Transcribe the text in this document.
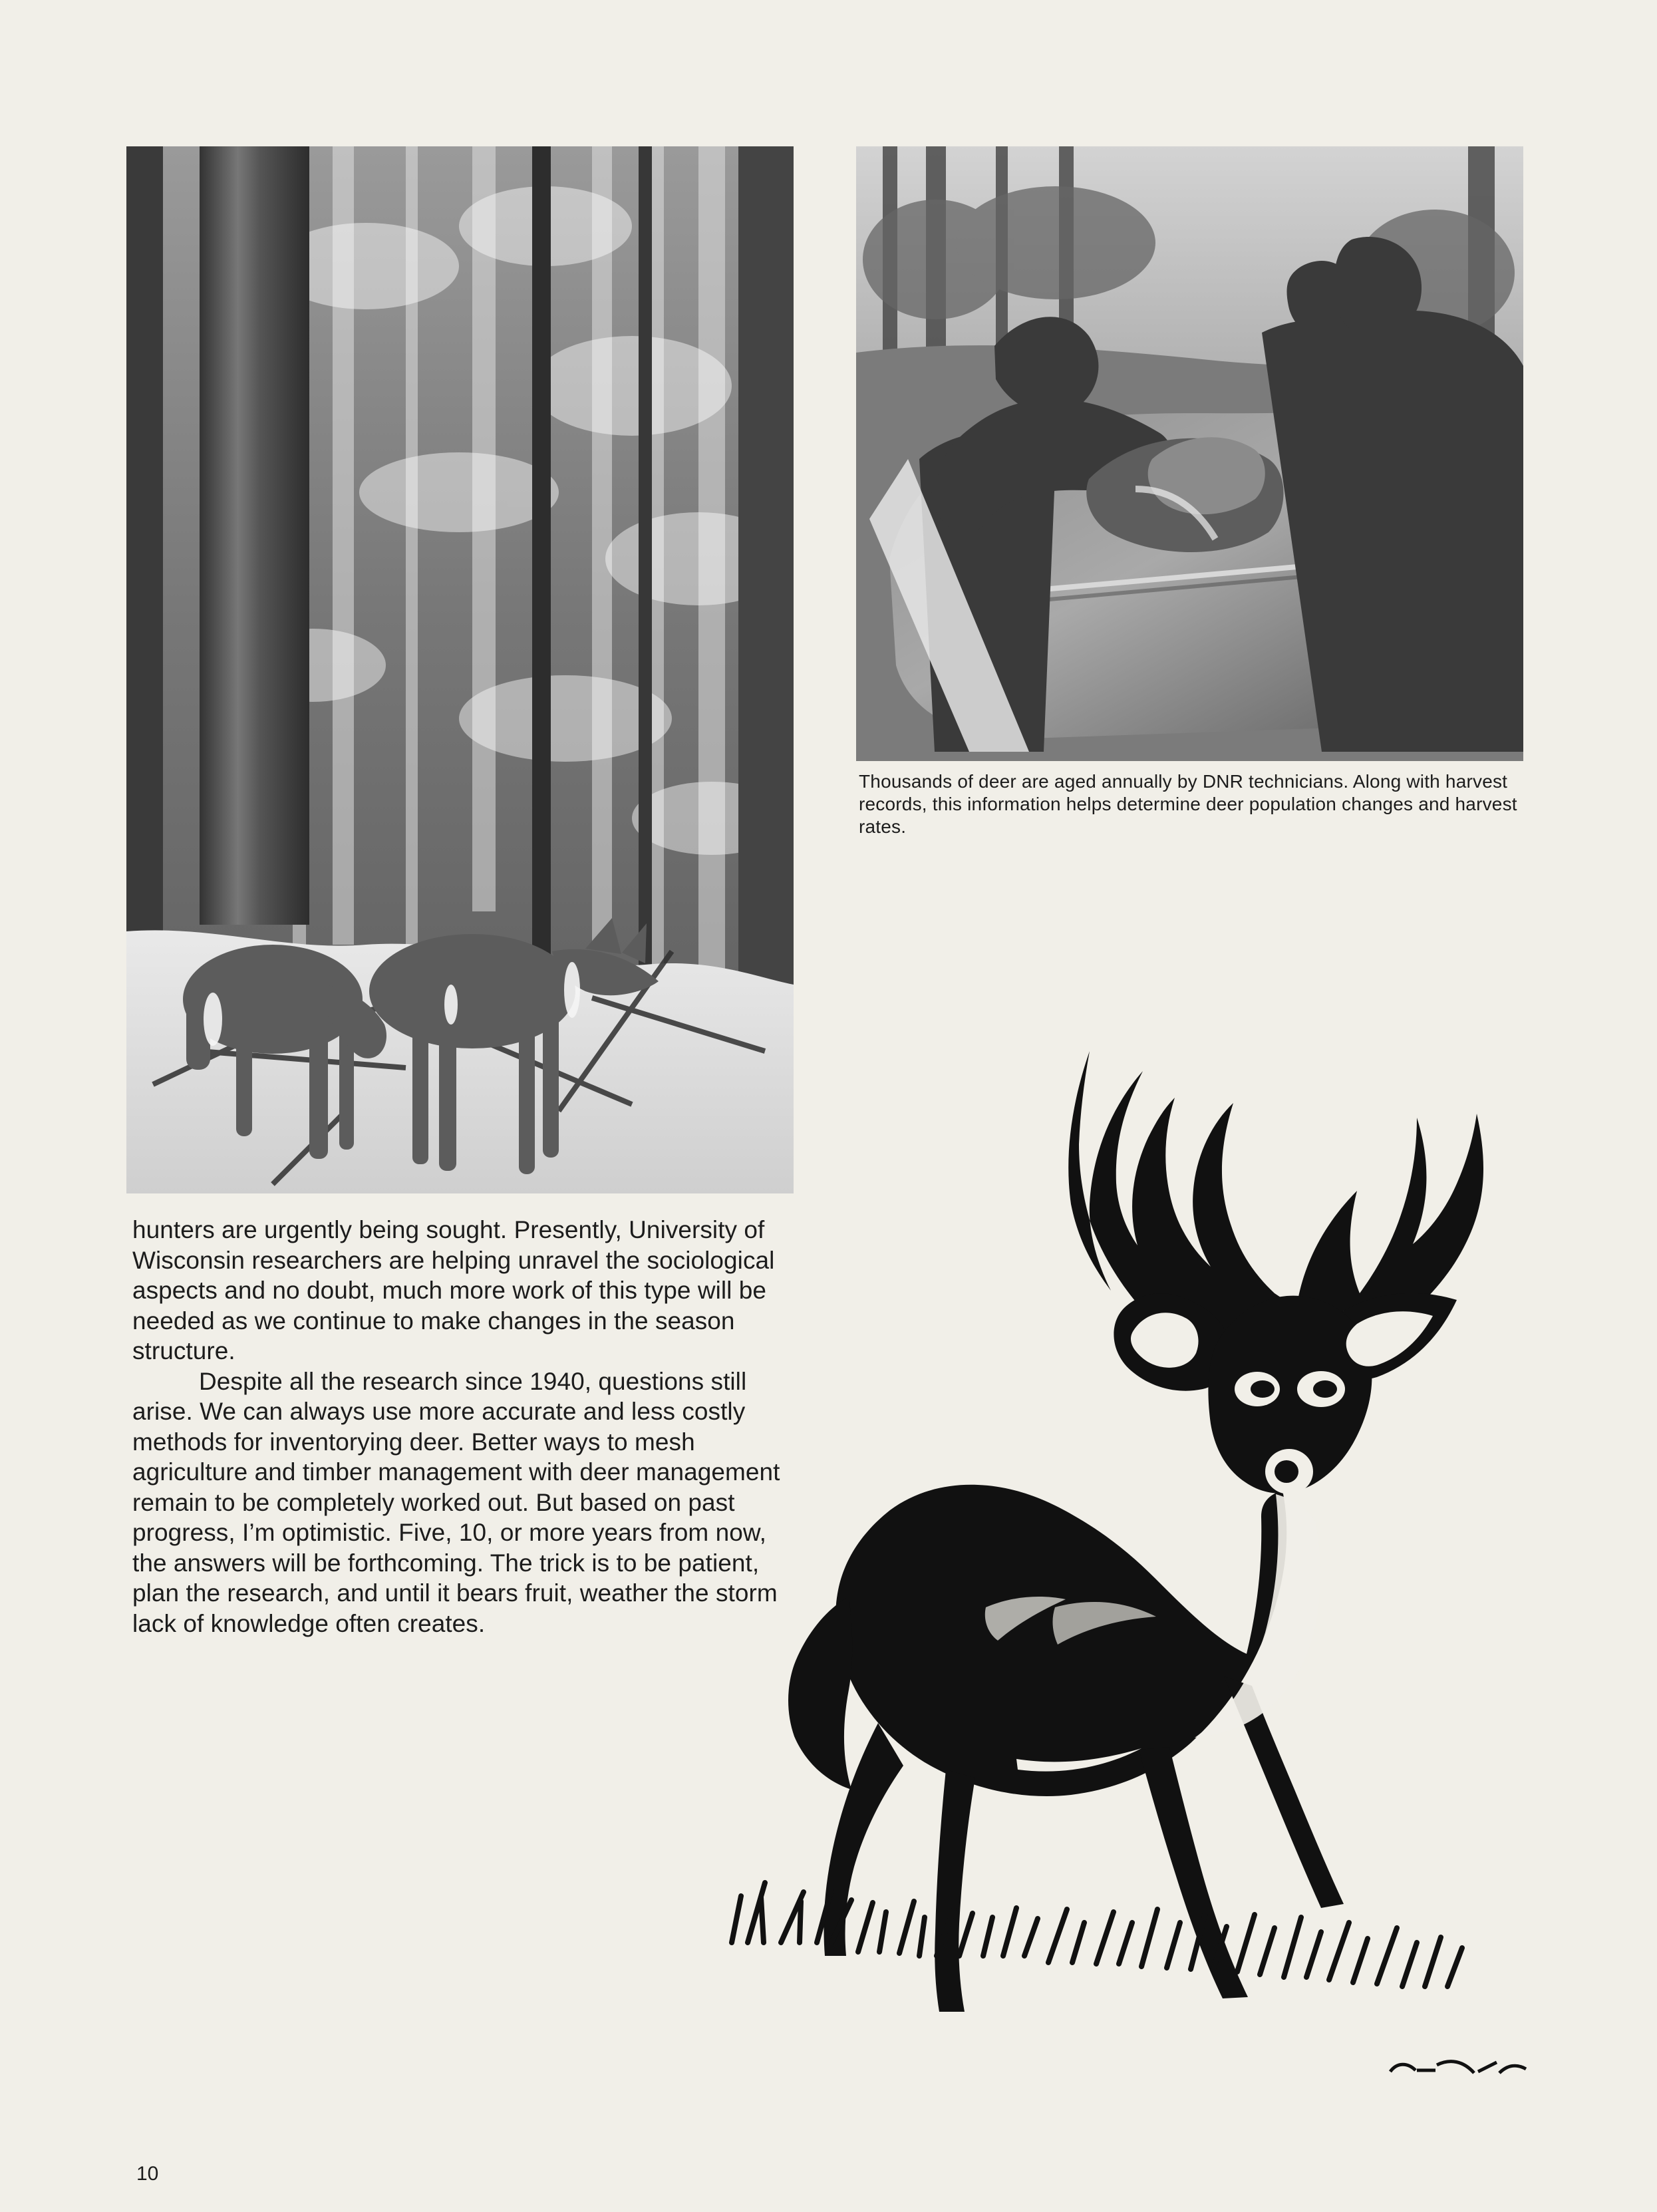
Thousands of deer are aged annually by DNR technicians. Along with harvest records, this information helps determine deer population changes and harvest rates.

hunters are urgently being sought. Presently, University of Wisconsin researchers are helping unravel the sociological aspects and no doubt, much more work of this type will be needed as we continue to make changes in the season structure.

Despite all the research since 1940, questions still arise. We can always use more accurate and less costly methods for inventorying deer. Better ways to mesh agriculture and timber management with deer management remain to be completely worked out. But based on past progress, I’m optimistic. Five, 10, or more years from now, the answers will be forthcoming. The trick is to be patient, plan the research, and until it bears fruit, weather the storm lack of knowledge often creates.

10
